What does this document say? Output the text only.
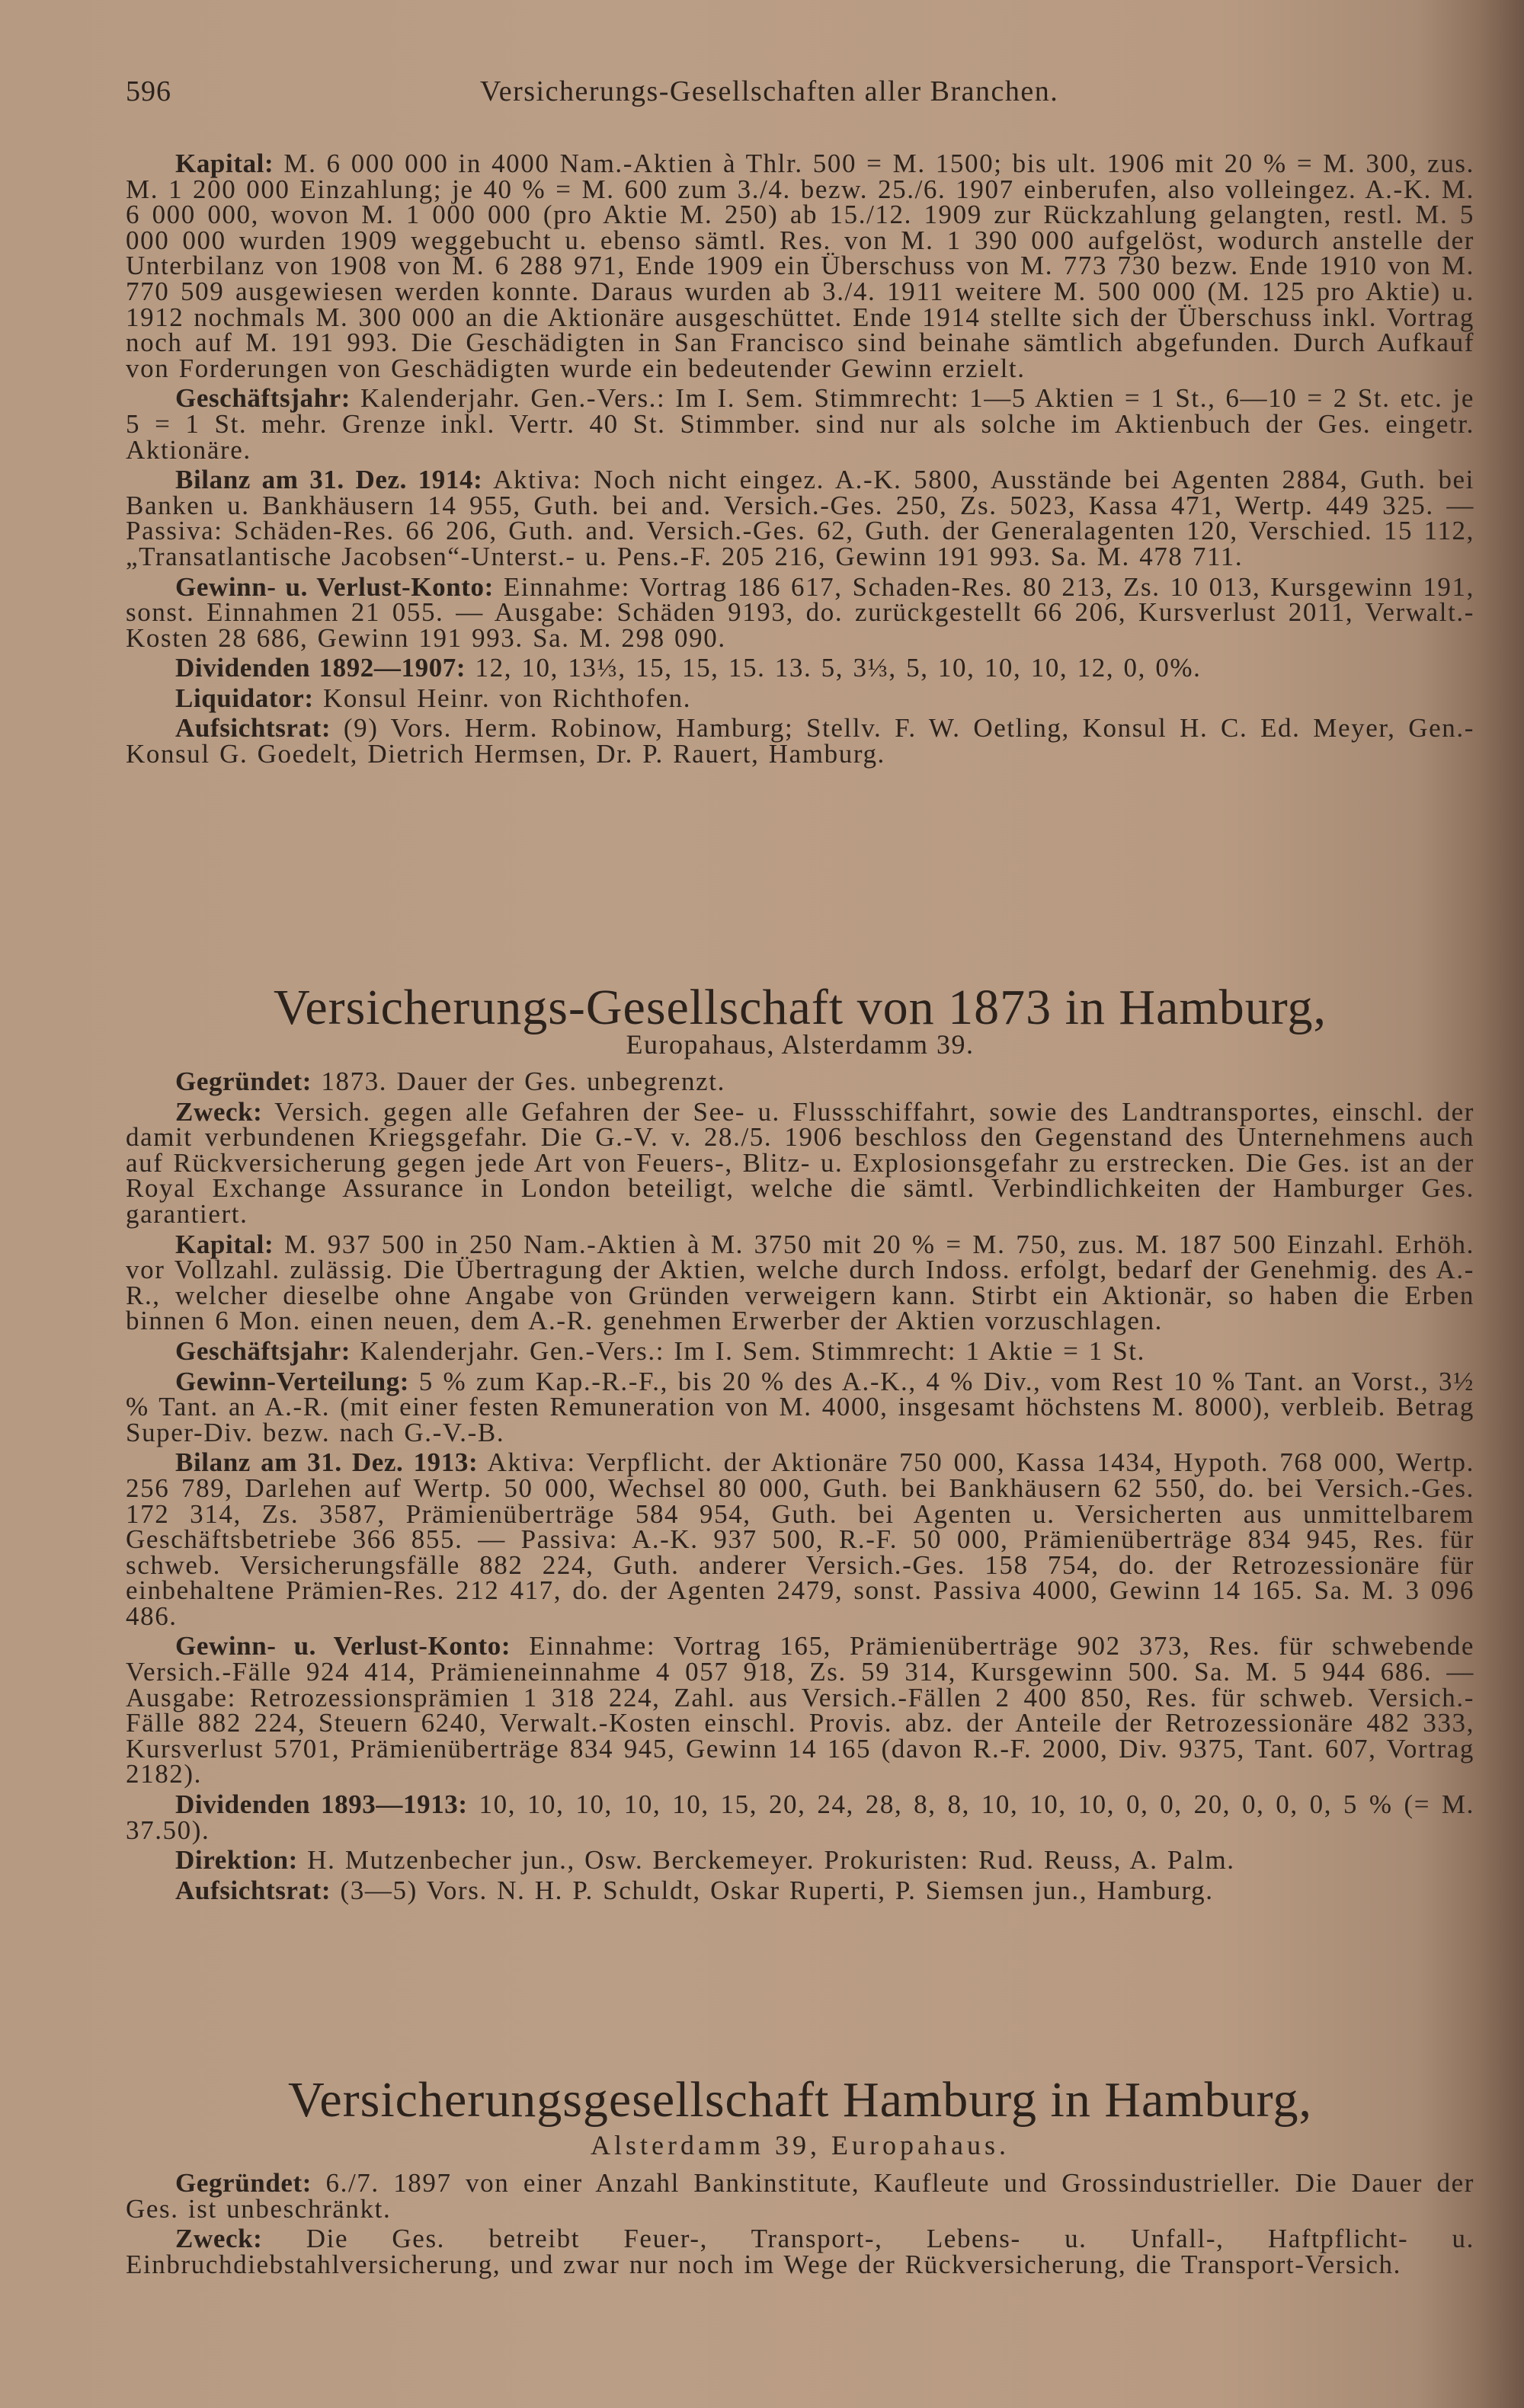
596	Versicherungs-Gesellschaften aller Branchen.

Kapital: M. 6 000 000 in 4000 Nam.-Aktien à Thlr. 500 = M. 1500; bis ult. 1906 mit 20 % = M. 300, zus. M. 1 200 000 Einzahlung; je 40 % = M. 600 zum 3./4. bezw. 25./6. 1907 einberufen, also volleingez. A.-K. M. 6 000 000, wovon M. 1 000 000 (pro Aktie M. 250) ab 15./12. 1909 zur Rückzahlung gelangten, restl. M. 5 000 000 wurden 1909 weggebucht u. ebenso sämtl. Res. von M. 1 390 000 aufgelöst, wodurch anstelle der Unterbilanz von 1908 von M. 6 288 971, Ende 1909 ein Überschuss von M. 773 730 bezw. Ende 1910 von M. 770 509 ausgewiesen werden konnte. Daraus wurden ab 3./4. 1911 weitere M. 500 000 (M. 125 pro Aktie) u. 1912 nochmals M. 300 000 an die Aktionäre ausgeschüttet. Ende 1914 stellte sich der Überschuss inkl. Vortrag noch auf M. 191 993. Die Geschädigten in San Francisco sind beinahe sämtlich abgefunden. Durch Aufkauf von Forderungen von Geschädigten wurde ein bedeutender Gewinn erzielt.

Geschäftsjahr: Kalenderjahr. Gen.-Vers.: Im I. Sem. Stimmrecht: 1—5 Aktien = 1 St., 6—10 = 2 St. etc. je 5 = 1 St. mehr. Grenze inkl. Vertr. 40 St. Stimmber. sind nur als solche im Aktienbuch der Ges. eingetr. Aktionäre.

Bilanz am 31. Dez. 1914: Aktiva: Noch nicht eingez. A.-K. 5800, Ausstände bei Agenten 2884, Guth. bei Banken u. Bankhäusern 14 955, Guth. bei and. Versich.-Ges. 250, Zs. 5023, Kassa 471, Wertp. 449 325. — Passiva: Schäden-Res. 66 206, Guth. and. Versich.-Ges. 62, Guth. der Generalagenten 120, Verschied. 15 112, „Transatlantische Jacobsen“-Unterst.- u. Pens.-F. 205 216, Gewinn 191 993. Sa. M. 478 711.

Gewinn- u. Verlust-Konto: Einnahme: Vortrag 186 617, Schaden-Res. 80 213, Zs. 10 013, Kursgewinn 191, sonst. Einnahmen 21 055. — Ausgabe: Schäden 9193, do. zurückgestellt 66 206, Kursverlust 2011, Verwalt.-Kosten 28 686, Gewinn 191 993. Sa. M. 298 090.

Dividenden 1892—1907: 12, 10, 13⅓, 15, 15, 15. 13. 5, 3⅓, 5, 10, 10, 10, 12, 0, 0%.

Liquidator: Konsul Heinr. von Richthofen.

Aufsichtsrat: (9) Vors. Herm. Robinow, Hamburg; Stellv. F. W. Oetling, Konsul H. C. Ed. Meyer, Gen.-Konsul G. Goedelt, Dietrich Hermsen, Dr. P. Rauert, Hamburg.

Versicherungs-Gesellschaft von 1873 in Hamburg,
Europahaus, Alsterdamm 39.

Gegründet: 1873. Dauer der Ges. unbegrenzt.

Zweck: Versich. gegen alle Gefahren der See- u. Flussschiffahrt, sowie des Landtransportes, einschl. der damit verbundenen Kriegsgefahr. Die G.-V. v. 28./5. 1906 beschloss den Gegenstand des Unternehmens auch auf Rückversicherung gegen jede Art von Feuers-, Blitz- u. Explosionsgefahr zu erstrecken. Die Ges. ist an der Royal Exchange Assurance in London beteiligt, welche die sämtl. Verbindlichkeiten der Hamburger Ges. garantiert.

Kapital: M. 937 500 in 250 Nam.-Aktien à M. 3750 mit 20 % = M. 750, zus. M. 187 500 Einzahl. Erhöh. vor Vollzahl. zulässig. Die Übertragung der Aktien, welche durch Indoss. erfolgt, bedarf der Genehmig. des A.-R., welcher dieselbe ohne Angabe von Gründen verweigern kann. Stirbt ein Aktionär, so haben die Erben binnen 6 Mon. einen neuen, dem A.-R. genehmen Erwerber der Aktien vorzuschlagen.

Geschäftsjahr: Kalenderjahr. Gen.-Vers.: Im I. Sem. Stimmrecht: 1 Aktie = 1 St.

Gewinn-Verteilung: 5 % zum Kap.-R.-F., bis 20 % des A.-K., 4 % Div., vom Rest 10 % Tant. an Vorst., 3½ % Tant. an A.-R. (mit einer festen Remuneration von M. 4000, insgesamt höchstens M. 8000), verbleib. Betrag Super-Div. bezw. nach G.-V.-B.

Bilanz am 31. Dez. 1913: Aktiva: Verpflicht. der Aktionäre 750 000, Kassa 1434, Hypoth. 768 000, Wertp. 256 789, Darlehen auf Wertp. 50 000, Wechsel 80 000, Guth. bei Bankhäusern 62 550, do. bei Versich.-Ges. 172 314, Zs. 3587, Prämienüberträge 584 954, Guth. bei Agenten u. Versicherten aus unmittelbarem Geschäftsbetriebe 366 855. — Passiva: A.-K. 937 500, R.-F. 50 000, Prämienüberträge 834 945, Res. für schweb. Versicherungsfälle 882 224, Guth. anderer Versich.-Ges. 158 754, do. der Retrozessionäre für einbehaltene Prämien-Res. 212 417, do. der Agenten 2479, sonst. Passiva 4000, Gewinn 14 165. Sa. M. 3 096 486.

Gewinn- u. Verlust-Konto: Einnahme: Vortrag 165, Prämienüberträge 902 373, Res. für schwebende Versich.-Fälle 924 414, Prämieneinnahme 4 057 918, Zs. 59 314, Kursgewinn 500. Sa. M. 5 944 686. — Ausgabe: Retrozessionsprämien 1 318 224, Zahl. aus Versich.-Fällen 2 400 850, Res. für schweb. Versich.-Fälle 882 224, Steuern 6240, Verwalt.-Kosten einschl. Provis. abz. der Anteile der Retrozessionäre 482 333, Kursverlust 5701, Prämienüberträge 834 945, Gewinn 14 165 (davon R.-F. 2000, Div. 9375, Tant. 607, Vortrag 2182).

Dividenden 1893—1913: 10, 10, 10, 10, 10, 15, 20, 24, 28, 8, 8, 10, 10, 10, 0, 0, 20, 0, 0, 0, 5 % (= M. 37.50).

Direktion: H. Mutzenbecher jun., Osw. Berckemeyer. Prokuristen: Rud. Reuss, A. Palm.

Aufsichtsrat: (3—5) Vors. N. H. P. Schuldt, Oskar Ruperti, P. Siemsen jun., Hamburg.

Versicherungsgesellschaft Hamburg in Hamburg,
Alsterdamm 39, Europahaus.

Gegründet: 6./7. 1897 von einer Anzahl Bankinstitute, Kaufleute und Grossindustrieller. Die Dauer der Ges. ist unbeschränkt.

Zweck: Die Ges. betreibt Feuer-, Transport-, Lebens- u. Unfall-, Haftpflicht- u. Einbruchdiebstahlversicherung, und zwar nur noch im Wege der Rückversicherung, die Transport-Versich.
